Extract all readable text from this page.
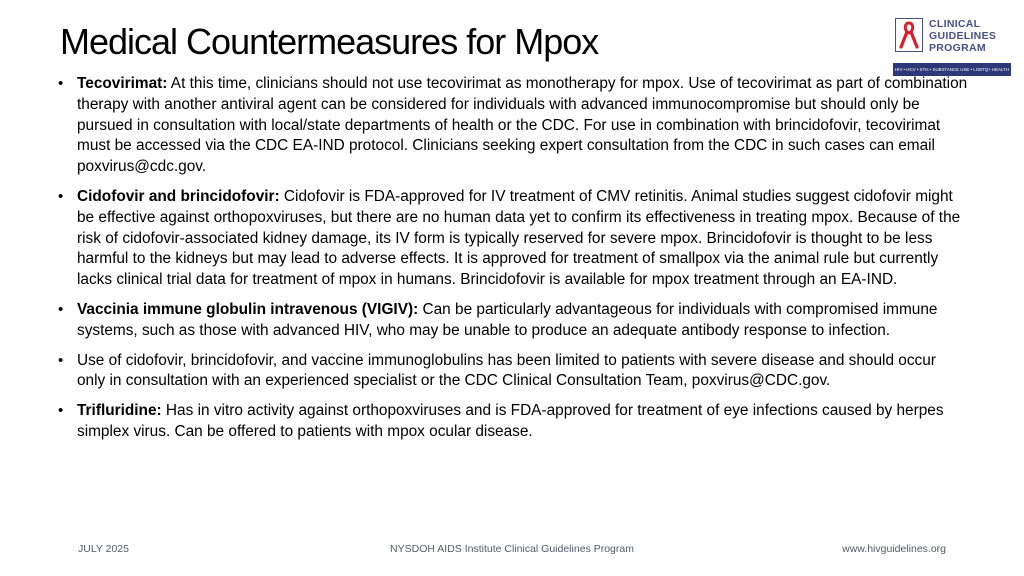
Medical Countermeasures for Mpox	CLINICAL
GUIDELINES
PROGRAM
HIV • HCV • STIs • SUBSTANCE USE • LGBTQ+ HEALTH
• Tecovirimat: At this time, clinicians should not use tecovirimat as monotherapy for mpox. Use of tecovirimat as part of combination therapy with another antiviral agent can be considered for individuals with advanced immunocompromise but should only be pursued in consultation with local/state departments of health or the CDC. For use in combination with brincidofovir, tecovirimat must be accessed via the CDC EA-IND protocol. Clinicians seeking expert consultation from the CDC in such cases can email poxvirus@cdc.gov.
• Cidofovir and brincidofovir: Cidofovir is FDA-approved for IV treatment of CMV retinitis. Animal studies suggest cidofovir might be effective against orthopoxviruses, but there are no human data yet to confirm its effectiveness in treating mpox. Because of the risk of cidofovir-associated kidney damage, its IV form is typically reserved for severe mpox. Brincidofovir is thought to be less harmful to the kidneys but may lead to adverse effects. It is approved for treatment of smallpox via the animal rule but currently lacks clinical trial data for treatment of mpox in humans. Brincidofovir is available for mpox treatment through an EA-IND.
• Vaccinia immune globulin intravenous (VIGIV): Can be particularly advantageous for individuals with compromised immune systems, such as those with advanced HIV, who may be unable to produce an adequate antibody response to infection.
• Use of cidofovir, brincidofovir, and vaccine immunoglobulins has been limited to patients with severe disease and should occur only in consultation with an experienced specialist or the CDC Clinical Consultation Team, poxvirus@CDC.gov.
• Trifluridine: Has in vitro activity against orthopoxviruses and is FDA-approved for treatment of eye infections caused by herpes simplex virus. Can be offered to patients with mpox ocular disease.
NYSDOH AIDS Institute Clinical Guidelines Program
JULY 2025	www.hivguidelines.org
